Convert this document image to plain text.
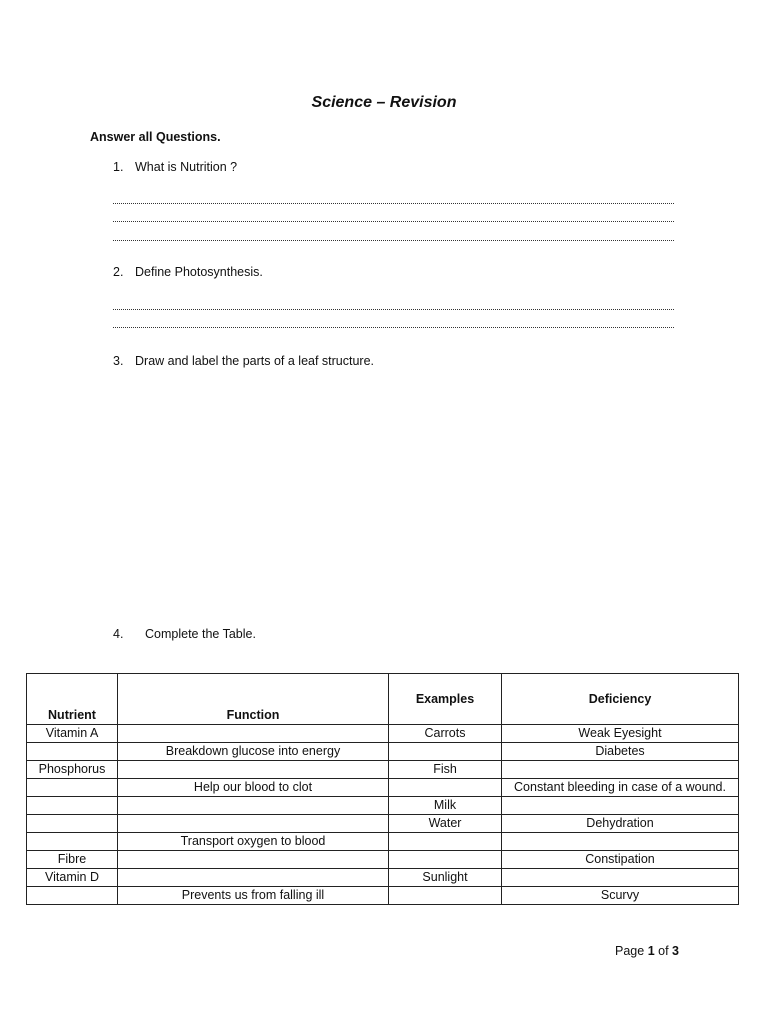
Science – Revision
Answer all Questions.
1. What is Nutrition ?
2. Define Photosynthesis.
3. Draw and label the parts of a leaf structure.
4. Complete the Table.
Nutrient	Function	Examples	Deficiency
Vitamin A		Carrots	Weak Eyesight
	Breakdown glucose into energy		Diabetes
Phosphorus		Fish	
	Help our blood to clot		Constant bleeding in case of a wound.
		Milk	
		Water	Dehydration
	Transport oxygen to blood		
Fibre			Constipation
Vitamin D		Sunlight	
	Prevents us from falling ill		Scurvy
Page 1 of 3
